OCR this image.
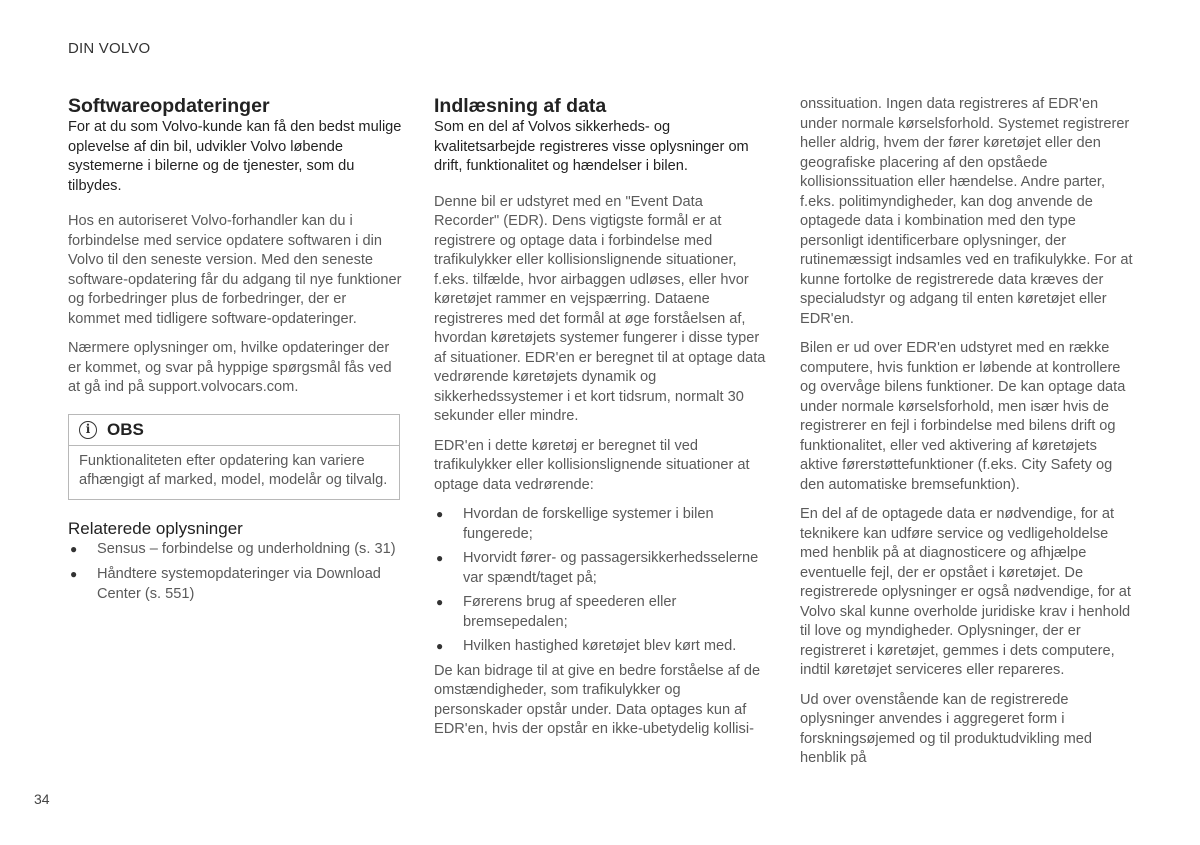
DIN VOLVO
Softwareopdateringer

For at du som Volvo-kunde kan få den bedst mulige oplevelse af din bil, udvikler Volvo løbende systemerne i bilerne og de tjenester, som du tilbydes.

Hos en autoriseret Volvo-forhandler kan du i forbindelse med service opdatere softwaren i din Volvo til den seneste version. Med den seneste software-opdatering får du adgang til nye funktioner og forbedringer plus de forbedringer, der er kommet med tidligere software-opdateringer.

Nærmere oplysninger om, hvilke opdateringer der er kommet, og svar på hyppige spørgsmål fås ved at gå ind på support.volvocars.com.

i OBS
Funktionaliteten efter opdatering kan variere afhængigt af marked, model, modelår og tilvalg.
Relaterede oplysninger
● Sensus – forbindelse og underholdning (s. 31)
● Håndtere systemopdateringer via Download Center (s. 551)
Indlæsning af data

Som en del af Volvos sikkerheds- og kvalitetsarbejde registreres visse oplysninger om drift, funktionalitet og hændelser i bilen.

Denne bil er udstyret med en "Event Data Recorder" (EDR). Dens vigtigste formål er at registrere og optage data i forbindelse med trafikulykker eller kollisionslignende situationer, f.eks. tilfælde, hvor airbaggen udløses, eller hvor køretøjet rammer en vejspærring. Dataene registreres med det formål at øge forståelsen af, hvordan køretøjets systemer fungerer i disse typer af situationer. EDR'en er beregnet til at optage data vedrørende køretøjets dynamik og sikkerhedssystemer i et kort tidsrum, normalt 30 sekunder eller mindre.

EDR'en i dette køretøj er beregnet til ved trafikulykker eller kollisionslignende situationer at optage data vedrørende:

● Hvordan de forskellige systemer i bilen fungerede;
● Hvorvidt fører- og passagersikkerhedsselerne var spændt/taget på;
● Førerens brug af speederen eller bremsepedalen;
● Hvilken hastighed køretøjet blev kørt med.

De kan bidrage til at give en bedre forståelse af de omstændigheder, som trafikulykker og personskader opstår under. Data optages kun af EDR'en, hvis der opstår en ikke-ubetydelig kollisi-

onssituation. Ingen data registreres af EDR'en under normale kørselsforhold. Systemet registrerer heller aldrig, hvem der fører køretøjet eller den geografiske placering af den opståede kollisionssituation eller hændelse. Andre parter, f.eks. politimyndigheder, kan dog anvende de optagede data i kombination med den type personligt identificerbare oplysninger, der rutinemæssigt indsamles ved en trafikulykke. For at kunne fortolke de registrerede data kræves der specialudstyr og adgang til enten køretøjet eller EDR'en.

Bilen er ud over EDR'en udstyret med en række computere, hvis funktion er løbende at kontrollere og overvåge bilens funktioner. De kan optage data under normale kørselsforhold, men især hvis de registrerer en fejl i forbindelse med bilens drift og funktionalitet, eller ved aktivering af køretøjets aktive førerstøttefunktioner (f.eks. City Safety og den automatiske bremsefunktion).

En del af de optagede data er nødvendige, for at teknikere kan udføre service og vedligeholdelse med henblik på at diagnosticere og afhjælpe eventuelle fejl, der er opstået i køretøjet. De registrerede oplysninger er også nødvendige, for at Volvo skal kunne overholde juridiske krav i henhold til love og myndigheder. Oplysninger, der er registreret i køretøjet, gemmes i dets computere, indtil køretøjet serviceres eller repareres.

Ud over ovenstående kan de registrerede oplysninger anvendes i aggregeret form i forskningsøjemed og til produktudvikling med henblik på

34
